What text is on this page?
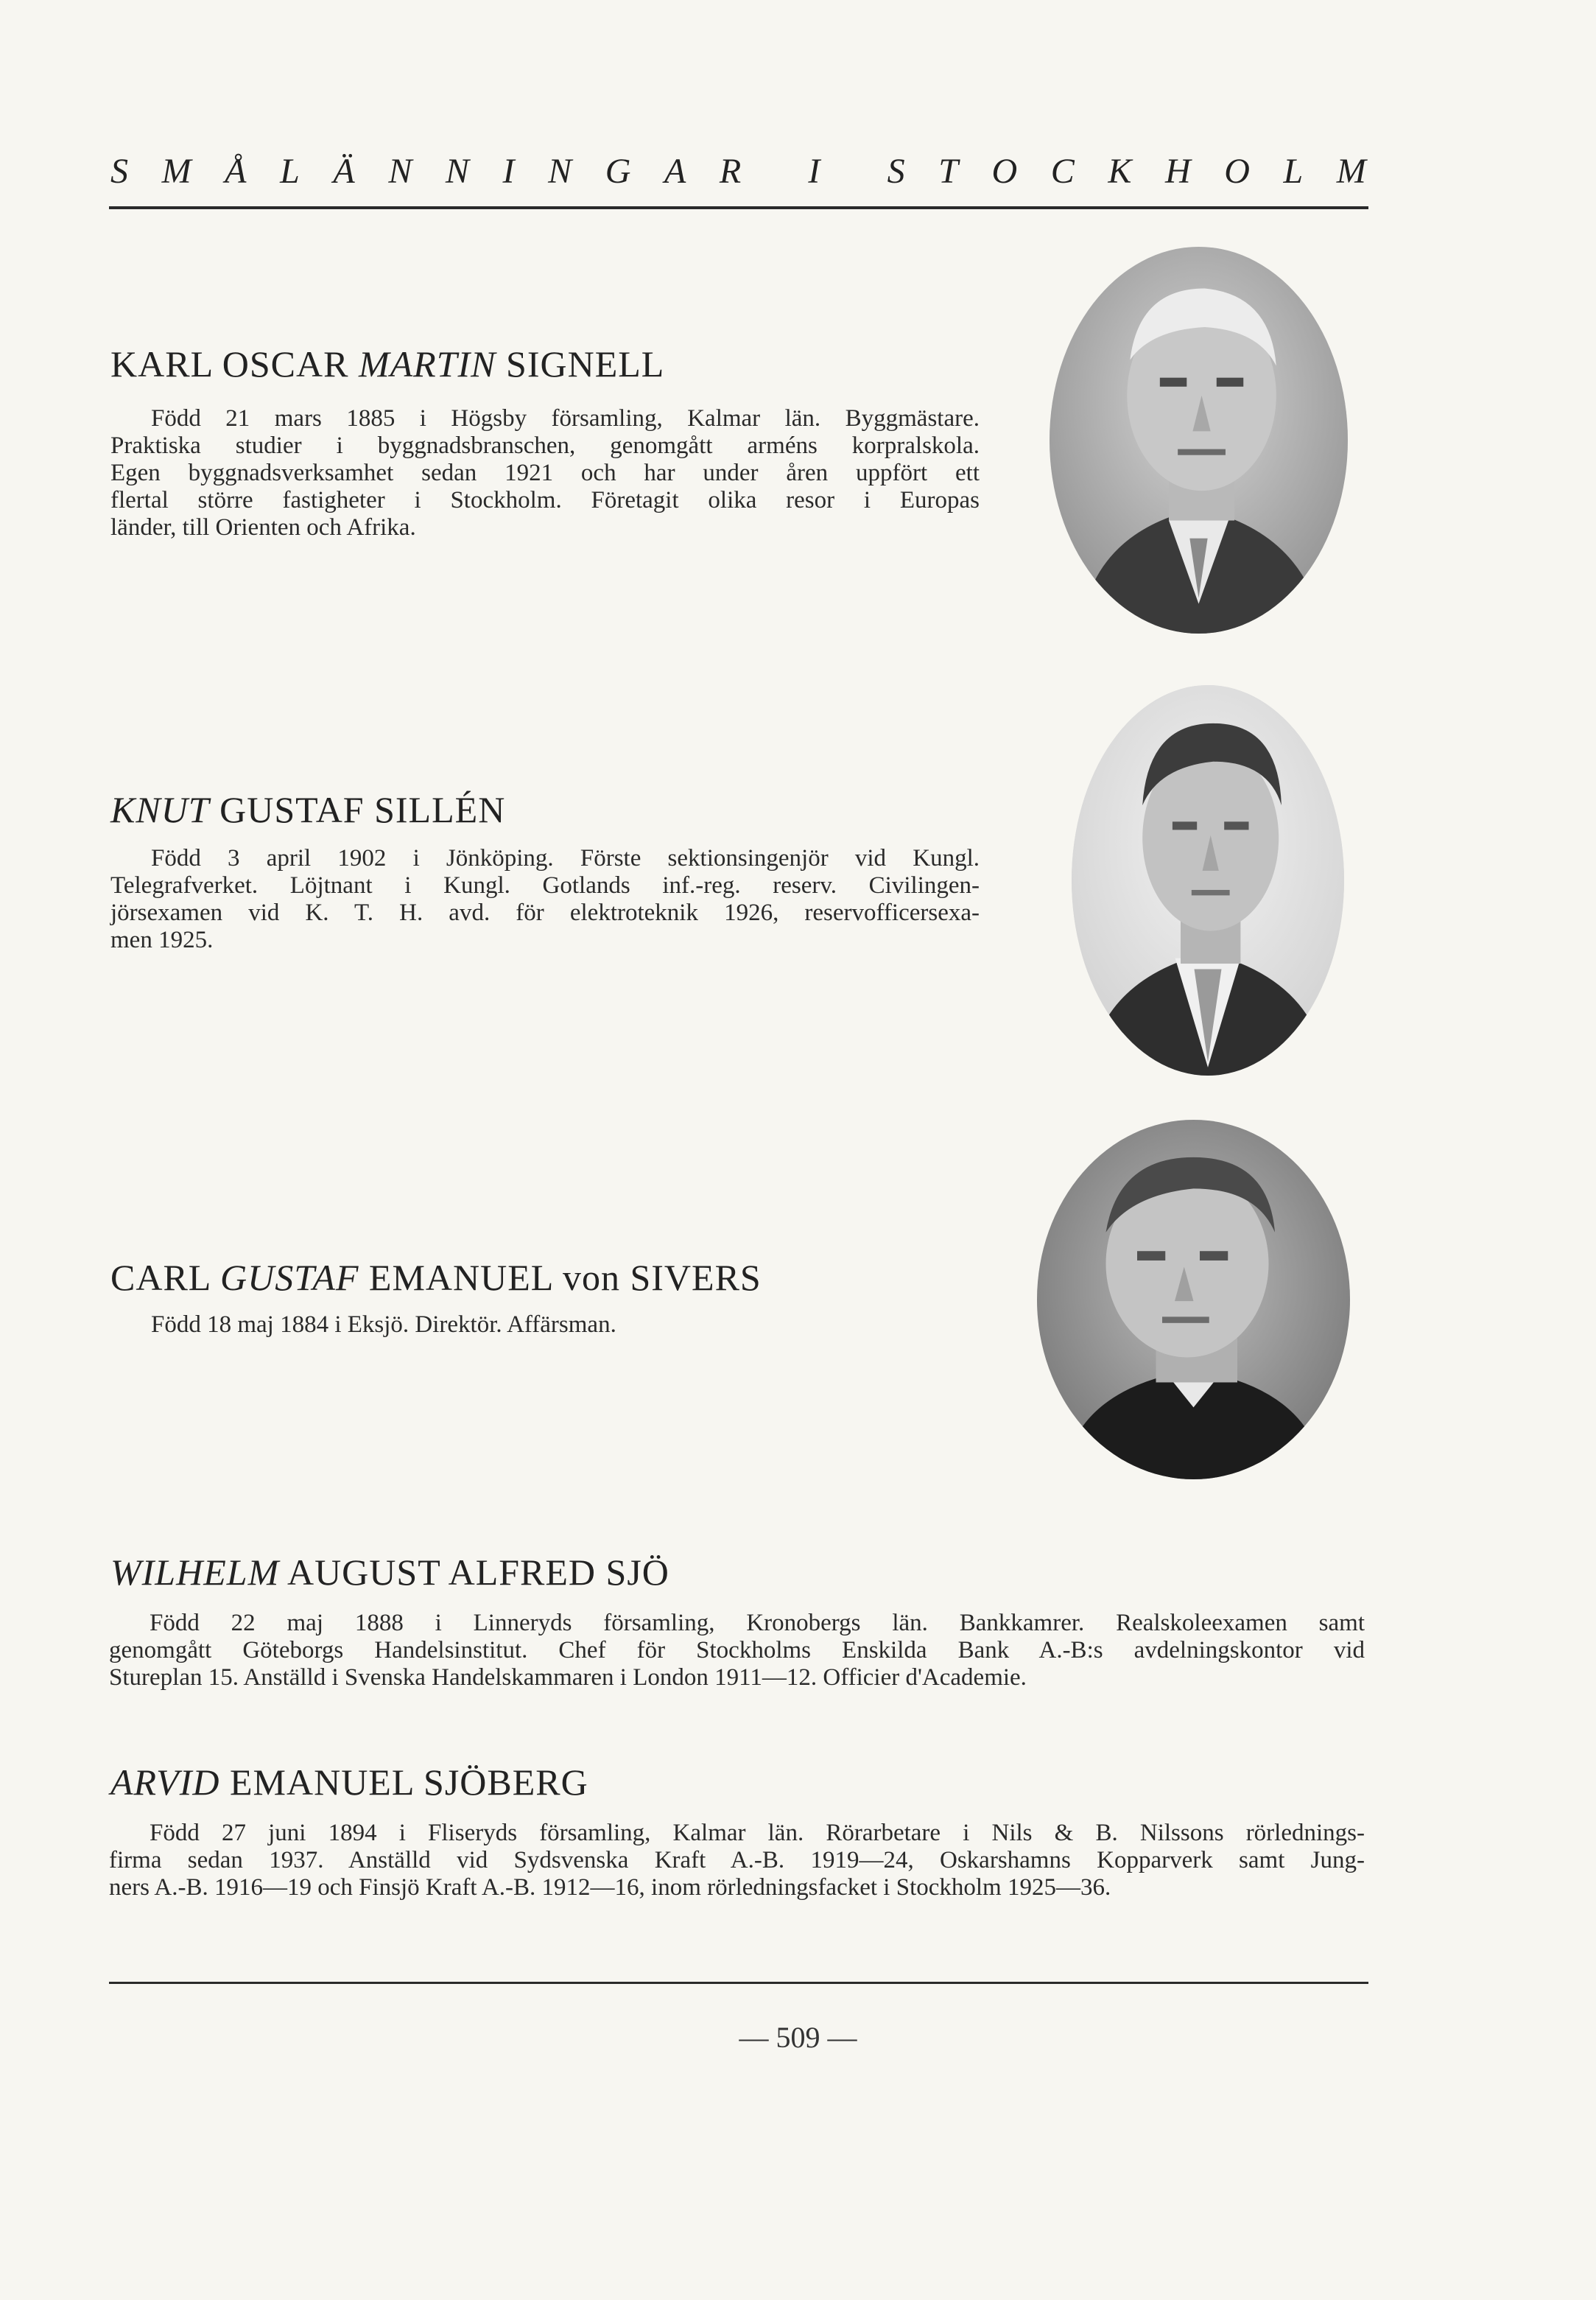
S M Å L Ä N N I N G A R I S T O C K H O L M
KARL OSCAR MARTIN SIGNELL
Född 21 mars 1885 i Högsby församling, Kalmar län. Byggmästare.
Praktiska studier i byggnadsbranschen, genomgått arméns korpralskola.
Egen byggnadsverksamhet sedan 1921 och har under åren uppfört ett
flertal större fastigheter i Stockholm. Företagit olika resor i Europas
länder, till Orienten och Afrika.
KNUT GUSTAF SILLÉN
Född 3 april 1902 i Jönköping. Förste sektionsingenjör vid Kungl.
Telegrafverket. Löjtnant i Kungl. Gotlands inf.-reg. reserv. Civilingen-
jörsexamen vid K. T. H. avd. för elektroteknik 1926, reservofficersexa-
men 1925.
CARL GUSTAF EMANUEL von SIVERS
Född 18 maj 1884 i Eksjö. Direktör. Affärsman.
WILHELM AUGUST ALFRED SJÖ
Född 22 maj 1888 i Linneryds församling, Kronobergs län. Bankkamrer. Realskoleexamen samt
genomgått Göteborgs Handelsinstitut. Chef för Stockholms Enskilda Bank A.-B:s avdelningskontor vid
Stureplan 15. Anställd i Svenska Handelskammaren i London 1911—12. Officier d'Academie.
ARVID EMANUEL SJÖBERG
Född 27 juni 1894 i Fliseryds församling, Kalmar län. Rörarbetare i Nils & B. Nilssons rörlednings-
firma sedan 1937. Anställd vid Sydsvenska Kraft A.-B. 1919—24, Oskarshamns Kopparverk samt Jung-
ners A.-B. 1916—19 och Finsjö Kraft A.-B. 1912—16, inom rörledningsfacket i Stockholm 1925—36.
— 509 —
